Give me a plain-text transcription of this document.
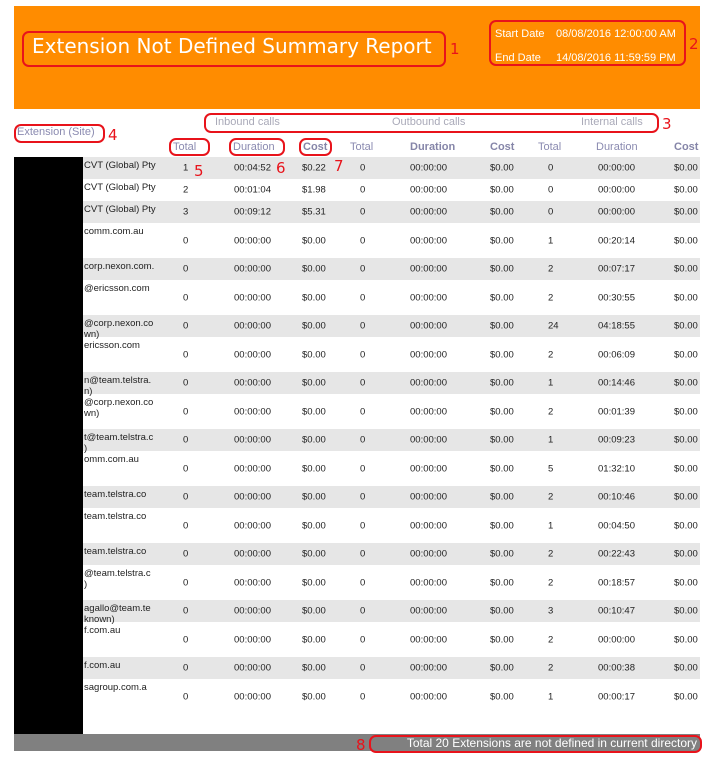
Extension Not Defined Summary Report	Start Date	08/08/2016 12:00:00 AM
End Date	14/08/2016 11:59:59 PM
Inbound calls	Outbound calls	Internal calls
Extension (Site)
Total	Duration	Cost Total	Duration	Cost Total	Duration	Cost
CVT (Global) Pty	1	00:04:52	$0.22	0	00:00:00	$0.00	0	00:00:00	$0.00
CVT (Global) Pty	2	00:01:04	$1.98	0	00:00:00	$0.00	0	00:00:00	$0.00
CVT (Global) Pty	3	00:09:12	$5.31	0	00:00:00	$0.00	0	00:00:00	$0.00
comm.com.au
0	00:00:00	$0.00	0	00:00:00	$0.00	1	00:20:14	$0.00
corp.nexon.com.	0	00:00:00	$0.00	0	00:00:00	$0.00	2	00:07:17	$0.00
@ericsson.com
0	00:00:00	$0.00	0	00:00:00	$0.00	2	00:30:55	$0.00
@corp.nexon.co
wn)
0	00:00:00	$0.00	0	00:00:00	$0.00	24	04:18:55	$0.00
ericsson.com
0	00:00:00	$0.00	0	00:00:00	$0.00	2	00:06:09	$0.00
n@team.telstra.
n)
0	00:00:00	$0.00	0	00:00:00	$0.00	1	00:14:46	$0.00
@corp.nexon.co
wn)	0	00:00:00	$0.00	0	00:00:00	$0.00	2	00:01:39	$0.00
t@team.telstra.c
)
0	00:00:00	$0.00	0	00:00:00	$0.00	1	00:09:23	$0.00
omm.com.au
0	00:00:00	$0.00	0	00:00:00	$0.00	5	01:32:10	$0.00
team.telstra.co	0	00:00:00	$0.00	0	00:00:00	$0.00	2	00:10:46	$0.00
team.telstra.co
0	00:00:00	$0.00	0	00:00:00	$0.00	1	00:04:50	$0.00
team.telstra.co	0	00:00:00	$0.00	0	00:00:00	$0.00	2	00:22:43	$0.00
@team.telstra.c
)	0	00:00:00	$0.00	0	00:00:00	$0.00	2	00:18:57	$0.00
agallo@team.te
known)
0	00:00:00	$0.00	0	00:00:00	$0.00	3	00:10:47	$0.00
f.com.au
0	00:00:00	$0.00	0	00:00:00	$0.00	2	00:00:00	$0.00
f.com.au	0	00:00:00	$0.00	0	00:00:00	$0.00	2	00:00:38	$0.00
sagroup.com.a
0	00:00:00	$0.00	0	00:00:00	$0.00	1	00:00:17	$0.00
Total 20 Extensions are not defined in current directory
1	2
3
4
5	6	7
8
